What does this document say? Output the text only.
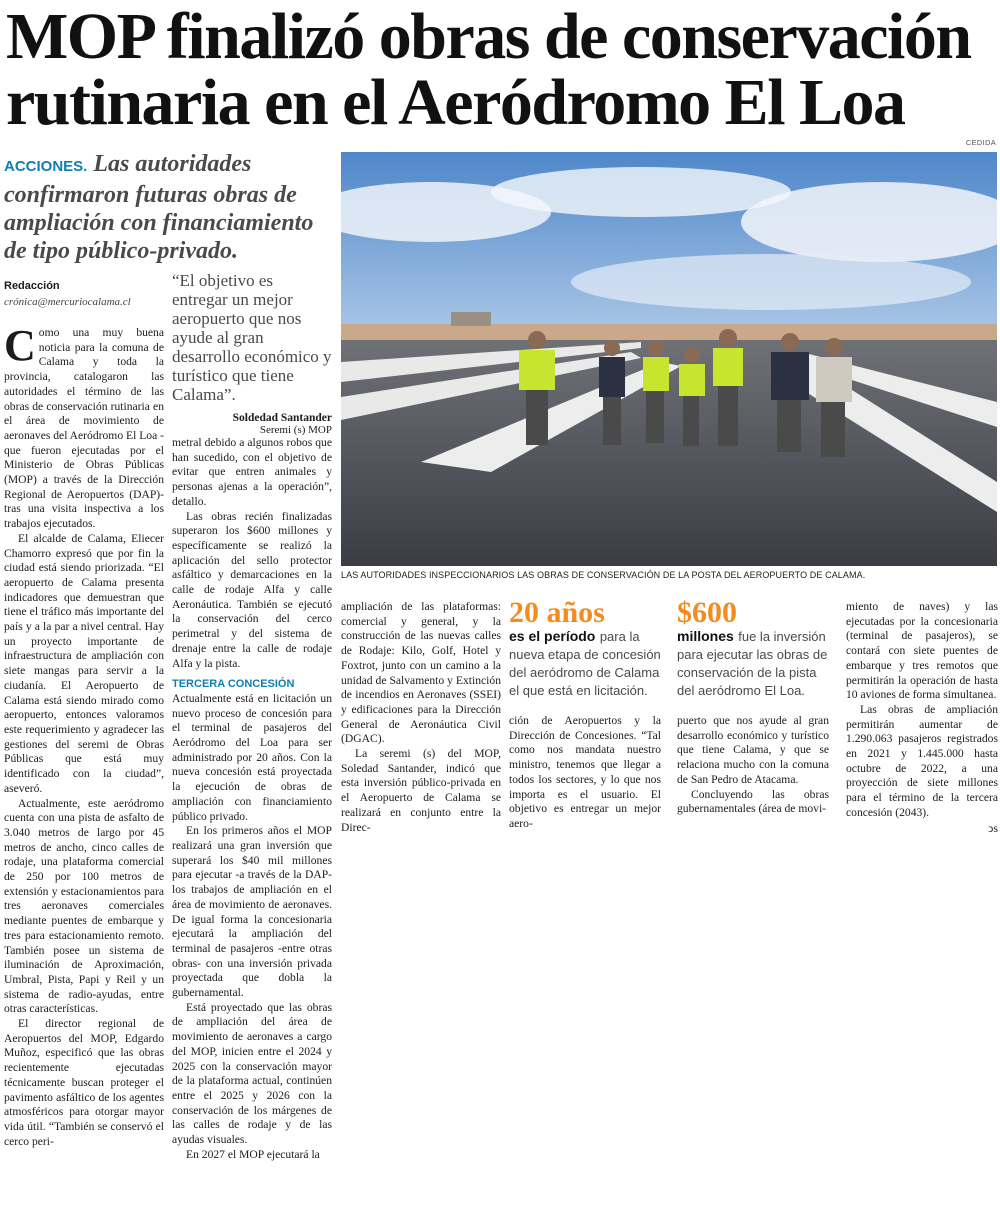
MOP finalizó obras de conservación rutinaria en el Aeródromo El Loa
ACCIONES. Las autoridades confirmaron futuras obras de ampliación con financiamiento de tipo público-privado.
Redacción
crónica@mercuriocalama.cl
“El objetivo es entregar un mejor aeropuerto que nos ayude al gran desarrollo económico y turístico que tiene Calama”.
Soldedad Santander
Seremi (s) MOP
CEDIDA
LAS AUTORIDADES INSPECCIONARIOS LAS OBRAS DE CONSERVACIÓN DE LA POSTA DEL AEROPUERTO DE CALAMA.

Como una muy buena noticia para la comuna de Calama y toda la provincia, catalogaron las autoridades el término de las obras de conservación rutinaria en el área de movimiento de aeronaves del Aeródromo El Loa -que fueron ejecutadas por el Ministerio de Obras Públicas (MOP) a través de la Dirección Regional de Aeropuertos (DAP)- tras una visita inspectiva a los trabajos ejecutados.

El alcalde de Calama, Eliecer Chamorro expresó que por fin la ciudad está siendo priorizada. “El aeropuerto de Calama presenta indicadores que demuestran que tiene el tráfico más importante del país y a la par a nivel central. Hay un proyecto importante de infraestructura de ampliación con siete mangas para servir a la ciudanía. El Aeropuerto de Calama está siendo mirado como aeropuerto, entonces valoramos este requerimiento y agradecer las gestiones del seremi de Obras Públicas que está muy identificado con la ciudad”, aseveró.

Actualmente, este aeródromo cuenta con una pista de asfalto de 3.040 metros de largo por 45 metros de ancho, cinco calles de rodaje, una plataforma comercial de 250 por 100 metros de extensión y estacionamientos para tres aeronaves comerciales mediante puentes de embarque y tres para estacionamiento remoto. También posee un sistema de iluminación de Aproximación, Umbral, Pista, Papi y Reil y un sistema de radio-ayudas, entre otras características.

El director regional de Aeropuertos del MOP, Edgardo Muñoz, especificó que las obras recientemente ejecutadas técnicamente buscan proteger el pavimento asfáltico de los agentes atmosféricos para otorgar mayor vida útil. “También se conservó el cerco peri-

metral debido a algunos robos que han sucedido, con el objetivo de evitar que entren animales y personas ajenas a la operación”, detallo.

Las obras recién finalizadas superaron los $600 millones y específicamente se realizó la aplicación del sello protector asfáltico y demarcaciones en la calle de rodaje Alfa y calle Aeronáutica. También se ejecutó la conservación del cerco perimetral y del sistema de drenaje entre la calle de rodaje Alfa y la pista.

TERCERA CONCESIÓN

Actualmente está en licitación un nuevo proceso de concesión para el terminal de pasajeros del Aeródromo del Loa para ser administrado por 20 años. Con la nueva concesión está proyectada la ejecución de obras de ampliación con financiamiento público privado.

En los primeros años el MOP realizará una gran inversión que superará los $40 mil millones para ejecutar -a través de la DAP- los trabajos de ampliación en el área de movimiento de aeronaves. De igual forma la concesionaria ejecutará la ampliación del terminal de pasajeros -entre otras obras- con una inversión privada proyectada que dobla la gubernamental.

Está proyectado que las obras de ampliación del área de movimiento de aeronaves a cargo del MOP, inicien entre el 2024 y 2025 con la conservación mayor de la plataforma actual, continúen entre el 2025 y 2026 con la conservación de los márgenes de las calles de rodaje y de las ayudas visuales.

En 2027 el MOP ejecutará la

ampliación de las plataformas: comercial y general, y la construcción de las nuevas calles de Rodaje: Kilo, Golf, Hotel y Foxtrot, junto con un camino a la unidad de Salvamento y Extinción de incendios en Aeronaves (SSEI) y edificaciones para la Dirección General de Aeronáutica Civil (DGAC).

La seremi (s) del MOP, Soledad Santander, indicó que esta inversión público-privada en el Aeropuerto de Calama se realizará en conjunto entre la Direc-

20 años
es el período para la nueva etapa de concesión del aeródromo de Calama el que está en licitación.
$600
millones fue la inversión para ejecutar las obras de conservación de la pista del aeródromo El Loa.

ción de Aeropuertos y la Dirección de Concesiones. “Tal como nos mandata nuestro ministro, tenemos que llegar a todos los sectores, y lo que nos importa es el usuario. El objetivo es entregar un mejor aero-

puerto que nos ayude al gran desarrollo económico y turístico que tiene Calama, y que se relaciona mucho con la comuna de San Pedro de Atacama.

Concluyendo las obras gubernamentales (área de movi-

miento de naves) y las ejecutadas por la concesionaria (terminal de pasajeros), se contará con siete puentes de embarque y tres remotos que permitirán la operación de hasta 10 aviones de forma simultanea.

Las obras de ampliación permitirán aumentar de 1.290.063 pasajeros registrados en 2021 y 1.445.000 hasta octubre de 2022, a una proyección de siete millones para el término de la tercera concesión (2043).

ↄs
